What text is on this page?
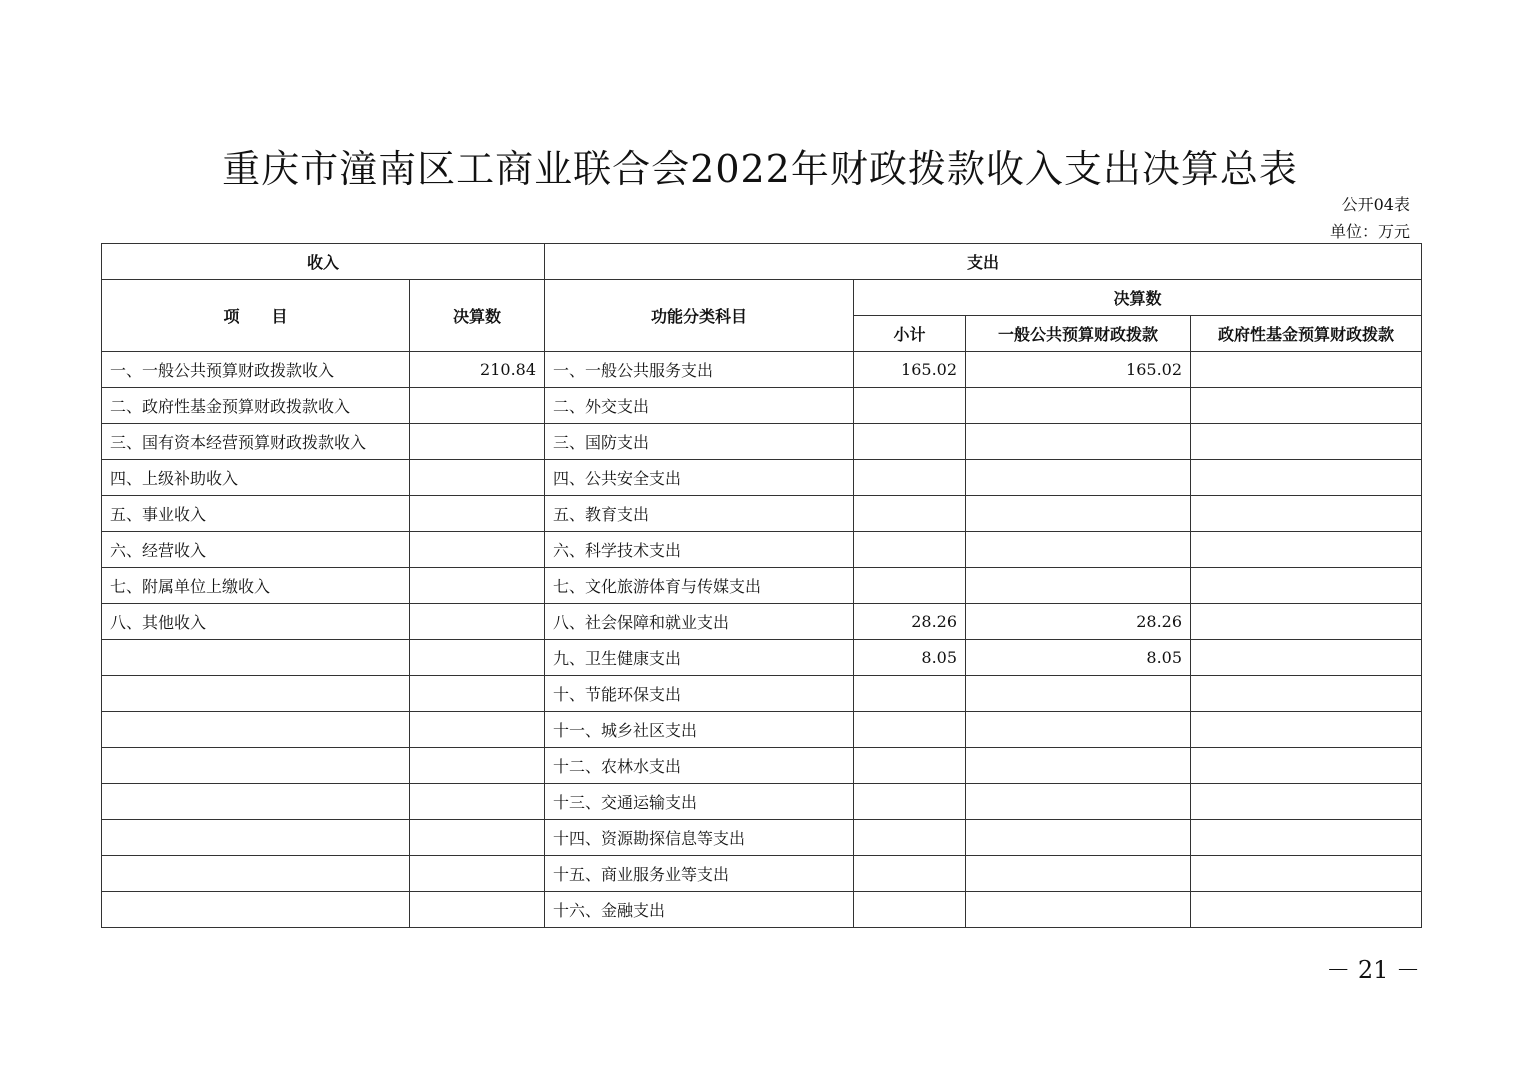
重庆市潼南区工商业联合会2022年财政拨款收入支出决算总表
公开04表
单位：万元
收入		支出			
项　　目	决算数	功能分类科目	决算数		
			小计	一般公共预算财政拨款	政府性基金预算财政拨款
一、一般公共预算财政拨款收入	210.84	一、一般公共服务支出	165.02	165.02	
二、政府性基金预算财政拨款收入		二、外交支出			
三、国有资本经营预算财政拨款收入		三、国防支出			
四、上级补助收入		四、公共安全支出			
五、事业收入		五、教育支出			
六、经营收入		六、科学技术支出			
七、附属单位上缴收入		七、文化旅游体育与传媒支出			
八、其他收入		八、社会保障和就业支出	28.26	28.26	
		九、卫生健康支出	8.05	8.05	
		十、节能环保支出			
		十一、城乡社区支出			
		十二、农林水支出			
		十三、交通运输支出			
		十四、资源勘探信息等支出			
		十五、商业服务业等支出			
		十六、金融支出			
－ 21 －
